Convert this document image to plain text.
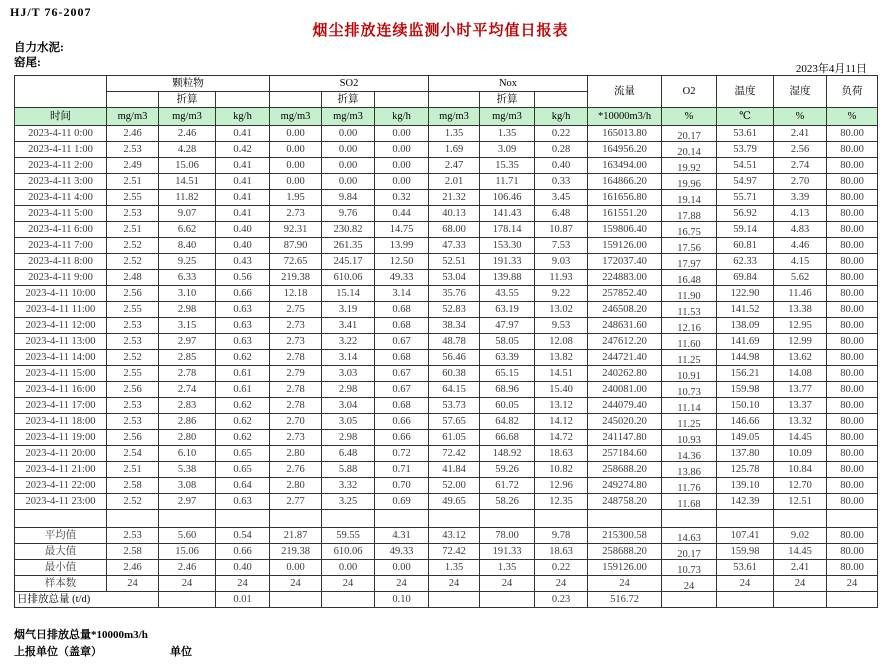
HJ/T 76-2007
烟尘排放连续监测小时平均值日报表
自力水泥:
窑尾:	2023年4月11日
	颗粒物			SO2			Nox			流量	O2	温度	湿度	负荷
		折算			折算			折算						
时间	mg/m3	mg/m3	kg/h	mg/m3	mg/m3	kg/h	mg/m3	mg/m3	kg/h	*10000m3/h	%	℃	%	%
2023-4-11 0:00	2.46	2.46	0.41	0.00	0.00	0.00	1.35	1.35	0.22	165013.80	20.17	53.61	2.41	80.00
2023-4-11 1:00	2.53	4.28	0.42	0.00	0.00	0.00	1.69	3.09	0.28	164956.20	20.14	53.79	2.56	80.00
2023-4-11 2:00	2.49	15.06	0.41	0.00	0.00	0.00	2.47	15.35	0.40	163494.00	19.92	54.51	2.74	80.00
2023-4-11 3:00	2.51	14.51	0.41	0.00	0.00	0.00	2.01	11.71	0.33	164866.20	19.96	54.97	2.70	80.00
2023-4-11 4:00	2.55	11.82	0.41	1.95	9.84	0.32	21.32	106.46	3.45	161656.80	19.14	55.71	3.39	80.00
2023-4-11 5:00	2.53	9.07	0.41	2.73	9.76	0.44	40.13	141.43	6.48	161551.20	17.88	56.92	4.13	80.00
2023-4-11 6:00	2.51	6.62	0.40	92.31	230.82	14.75	68.00	178.14	10.87	159806.40	16.75	59.14	4.83	80.00
2023-4-11 7:00	2.52	8.40	0.40	87.90	261.35	13.99	47.33	153.30	7.53	159126.00	17.56	60.81	4.46	80.00
2023-4-11 8:00	2.52	9.25	0.43	72.65	245.17	12.50	52.51	191.33	9.03	172037.40	17.97	62.33	4.15	80.00
2023-4-11 9:00	2.48	6.33	0.56	219.38	610.06	49.33	53.04	139.88	11.93	224883.00	16.48	69.84	5.62	80.00
2023-4-11 10:00	2.56	3.10	0.66	12.18	15.14	3.14	35.76	43.55	9.22	257852.40	11.90	122.90	11.46	80.00
2023-4-11 11:00	2.55	2.98	0.63	2.75	3.19	0.68	52.83	63.19	13.02	246508.20	11.53	141.52	13.38	80.00
2023-4-11 12:00	2.53	3.15	0.63	2.73	3.41	0.68	38.34	47.97	9.53	248631.60	12.16	138.09	12.95	80.00
2023-4-11 13:00	2.53	2.97	0.63	2.73	3.22	0.67	48.78	58.05	12.08	247612.20	11.60	141.69	12.99	80.00
2023-4-11 14:00	2.52	2.85	0.62	2.78	3.14	0.68	56.46	63.39	13.82	244721.40	11.25	144.98	13.62	80.00
2023-4-11 15:00	2.55	2.78	0.61	2.79	3.03	0.67	60.38	65.15	14.51	240262.80	10.91	156.21	14.08	80.00
2023-4-11 16:00	2.56	2.74	0.61	2.78	2.98	0.67	64.15	68.96	15.40	240081.00	10.73	159.98	13.77	80.00
2023-4-11 17:00	2.53	2.83	0.62	2.78	3.04	0.68	53.73	60.05	13.12	244079.40	11.14	150.10	13.37	80.00
2023-4-11 18:00	2.53	2.86	0.62	2.70	3.05	0.66	57.65	64.82	14.12	245020.20	11.25	146.66	13.32	80.00
2023-4-11 19:00	2.56	2.80	0.62	2.73	2.98	0.66	61.05	66.68	14.72	241147.80	10.93	149.05	14.45	80.00
2023-4-11 20:00	2.54	6.10	0.65	2.80	6.48	0.72	72.42	148.92	18.63	257184.60	14.36	137.80	10.09	80.00
2023-4-11 21:00	2.51	5.38	0.65	2.76	5.88	0.71	41.84	59.26	10.82	258688.20	13.86	125.78	10.84	80.00
2023-4-11 22:00	2.58	3.08	0.64	2.80	3.32	0.70	52.00	61.72	12.96	249274.80	11.76	139.10	12.70	80.00
2023-4-11 23:00	2.52	2.97	0.63	2.77	3.25	0.69	49.65	58.26	12.35	248758.20	11.68	142.39	12.51	80.00

平均值	2.53	5.60	0.54	21.87	59.55	4.31	43.12	78.00	9.78	215300.58	14.63	107.41	9.02	80.00
最大值	2.58	15.06	0.66	219.38	610.06	49.33	72.42	191.33	18.63	258688.20	20.17	159.98	14.45	80.00
最小值	2.46	2.46	0.40	0.00	0.00	0.00	1.35	1.35	0.22	159126.00	10.73	53.61	2.41	80.00
样本数	24	24	24	24	24	24	24	24	24	24	24	24	24	24
日排放总量 (t/d)			0.01			0.10			0.23	516.72				
烟气日排放总量*10000m3/h
上报单位（盖章）	单位
